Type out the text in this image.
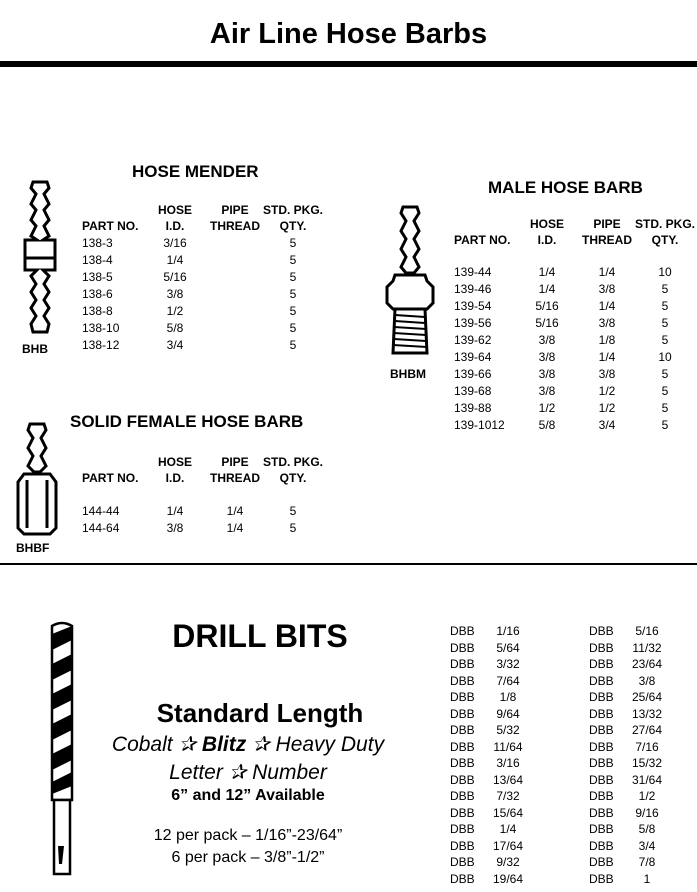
Air Line Hose Barbs
BHB
HOSE MENDER
HOSE
I.D.
PIPE
THREAD
STD. PKG.
QTY.
PART NO.
138-3
138-4
138-5
138-6
138-8
138-10
138-12
3/16
1/4
5/16
3/8
1/2
5/8
3/4
5
5
5
5
5
5
5
BHBM
MALE HOSE BARB
HOSE
I.D.
PIPE
THREAD
STD. PKG.
QTY.
PART NO.
139-44
139-46
139-54
139-56
139-62
139-64
139-66
139-68
139-88
139-1012
1/4
1/4
5/16
5/16
3/8
3/8
3/8
3/8
1/2
5/8
1/4
3/8
1/4
3/8
1/8
1/4
3/8
1/2
1/2
3/4
10
5
5
5
5
10
5
5
5
5
BHBF
SOLID FEMALE HOSE BARB
HOSE
I.D.
PIPE
THREAD
STD. PKG.
QTY.
PART NO.
144-44
144-64
1/4
3/8
1/4
1/4
5
5
DRILL BITS
Standard Length
Cobalt ✰ Blitz ✰ Heavy Duty
Letter ✰ Number
6” and 12” Available
12 per pack – 1/16”-23/64”
6 per pack – 3/8”-1/2”
DBB
DBB
DBB
DBB
DBB
DBB
DBB
DBB
DBB
DBB
DBB
DBB
DBB
DBB
DBB
DBB
1/16
5/64
3/32
7/64
1/8
9/64
5/32
11/64
3/16
13/64
7/32
15/64
1/4
17/64
9/32
19/64
DBB
DBB
DBB
DBB
DBB
DBB
DBB
DBB
DBB
DBB
DBB
DBB
DBB
DBB
DBB
DBB
5/16
11/32
23/64
3/8
25/64
13/32
27/64
7/16
15/32
31/64
1/2
9/16
5/8
3/4
7/8
1
